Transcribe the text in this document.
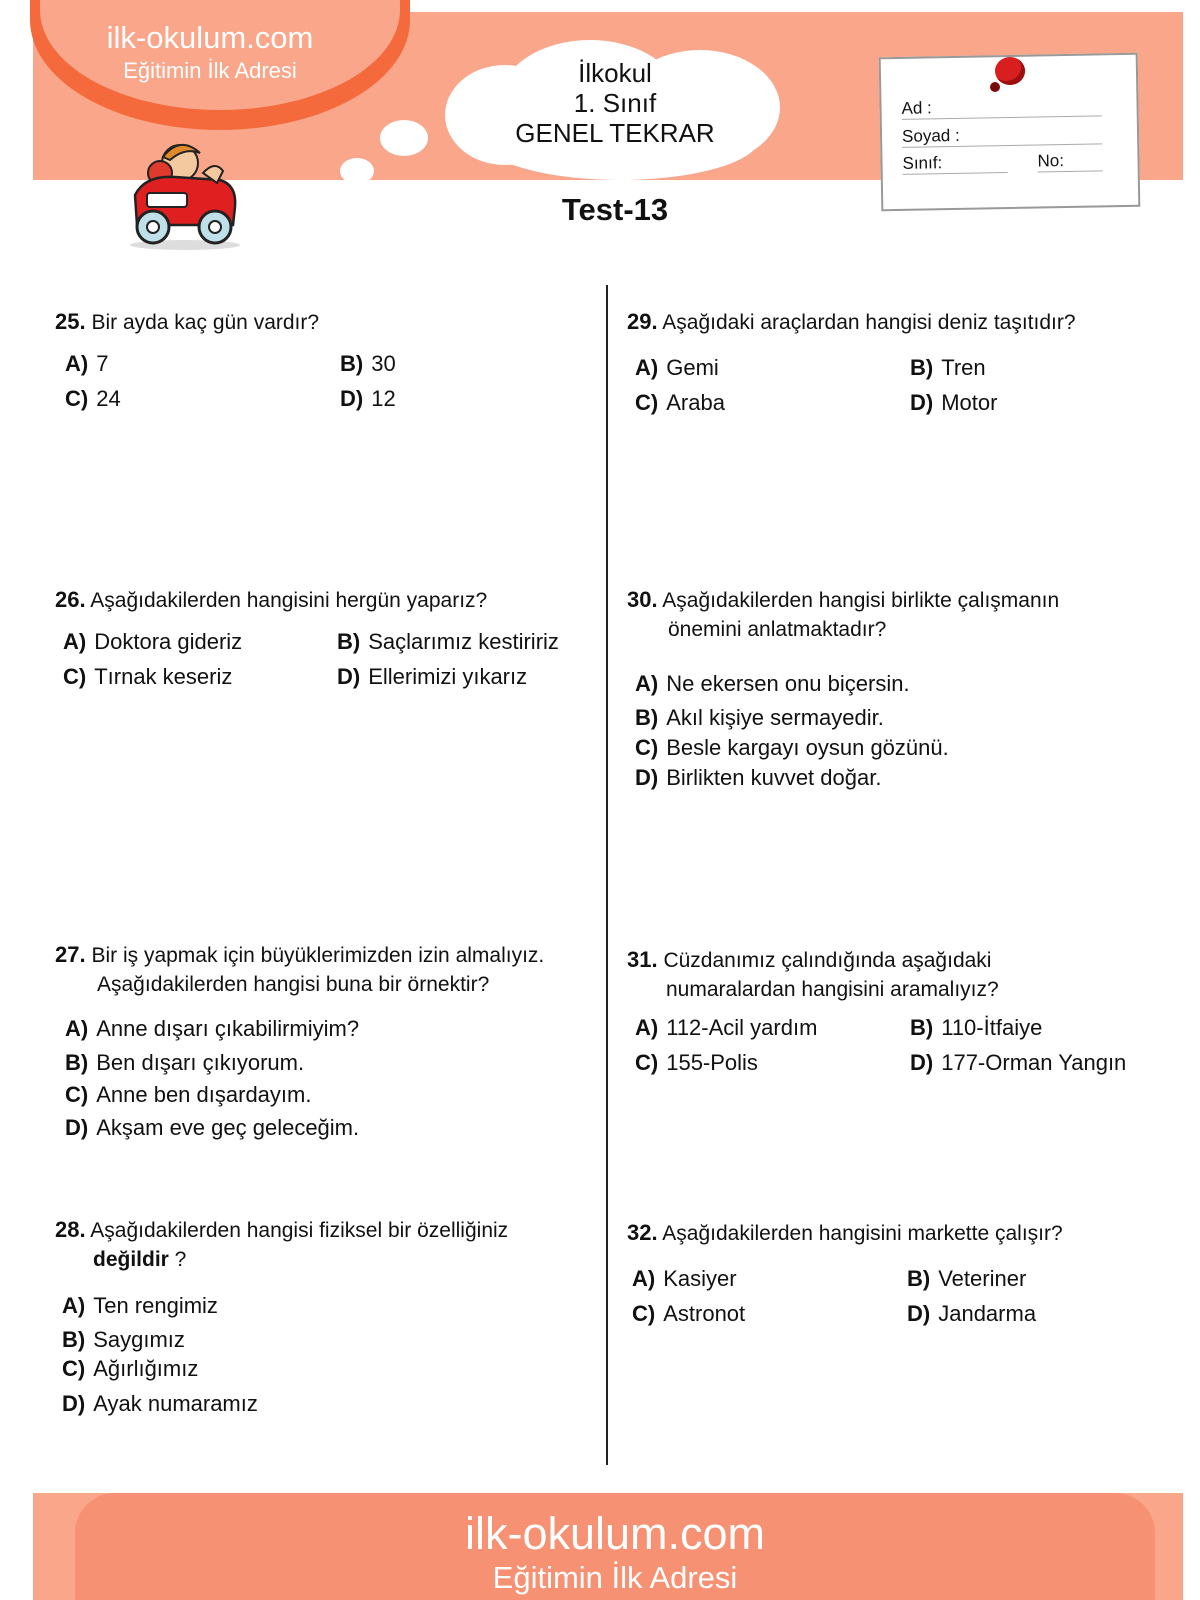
ilk-okulum.com
Eğitimin İlk Adresi	İlkokul
1. Sınıf
GENEL TEKRAR
Test-13
Ad :
Soyad :
Sınıf:	No:
25. Bir ayda kaç gün vardır?
A) 7	B) 30
C) 24	D) 12
26. Aşağıdakilerden hangisini hergün yaparız?
A) Doktora gideriz	B) Saçlarımız kestiririz
C) Tırnak keseriz	D) Ellerimizi yıkarız
27. Bir iş yapmak için büyüklerimizden izin almalıyız.
Aşağıdakilerden hangisi buna bir örnektir?
A) Anne dışarı çıkabilirmiyim?
B) Ben dışarı çıkıyorum.
C) Anne ben dışardayım.
D) Akşam eve geç geleceğim.
28. Aşağıdakilerden hangisi fiziksel bir özelliğiniz
değildir ?
A) Ten rengimiz
B) Saygımız
C) Ağırlığımız
D) Ayak numaramız
29. Aşağıdaki araçlardan hangisi deniz taşıtıdır?
A) Gemi	B) Tren
C) Araba	D) Motor
30. Aşağıdakilerden hangisi birlikte çalışmanın
önemini anlatmaktadır?
A) Ne ekersen onu biçersin.
B) Akıl kişiye sermayedir.
C) Besle kargayı oysun gözünü.
D) Birlikten kuvvet doğar.
31. Cüzdanımız çalındığında aşağıdaki
numaralardan hangisini aramalıyız?
A) 112-Acil yardım	B) 110-İtfaiye
C) 155-Polis	D) 177-Orman Yangın
32. Aşağıdakilerden hangisini markette çalışır?
A) Kasiyer	B) Veteriner
C) Astronot	D) Jandarma
ilk-okulum.com
Eğitimin İlk Adresi
